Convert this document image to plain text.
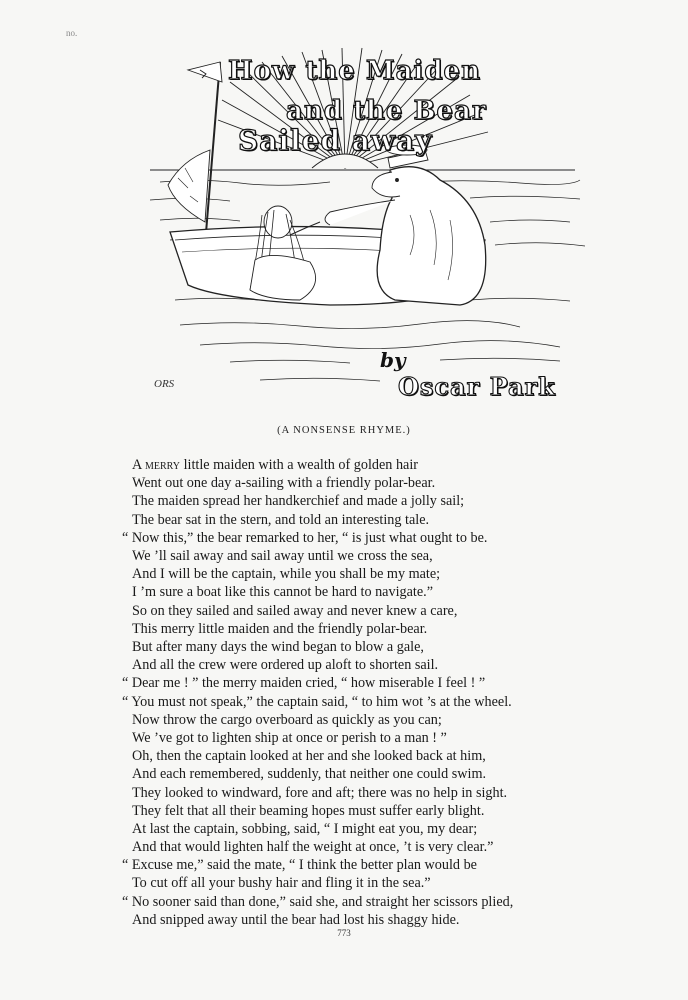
no.
How the Maiden
and the Bear
Sailed away
by
Oscar Park
ORS
(A NONSENSE RHYME.)
A merry little maiden with a wealth of golden hair
Went out one day a-sailing with a friendly polar-bear.
The maiden spread her handkerchief and made a jolly sail;
The bear sat in the stern, and told an interesting tale.
“ Now this,” the bear remarked to her, “ is just what ought to be.
We ’ll sail away and sail away until we cross the sea,
And I will be the captain, while you shall be my mate;
I ’m sure a boat like this cannot be hard to navigate.”
So on they sailed and sailed away and never knew a care,
This merry little maiden and the friendly polar-bear.
But after many days the wind began to blow a gale,
And all the crew were ordered up aloft to shorten sail.
“ Dear me ! ” the merry maiden cried, “ how miserable I feel ! ”
“ You must not speak,” the captain said, “ to him wot ’s at the wheel.
Now throw the cargo overboard as quickly as you can;
We ’ve got to lighten ship at once or perish to a man ! ”
Oh, then the captain looked at her and she looked back at him,
And each remembered, suddenly, that neither one could swim.
They looked to windward, fore and aft; there was no help in sight.
They felt that all their beaming hopes must suffer early blight.
At last the captain, sobbing, said, “ I might eat you, my dear;
And that would lighten half the weight at once, ’t is very clear.”
“ Excuse me,” said the mate, “ I think the better plan would be
To cut off all your bushy hair and fling it in the sea.”
“ No sooner said than done,” said she, and straight her scissors plied,
And snipped away until the bear had lost his shaggy hide.
773
